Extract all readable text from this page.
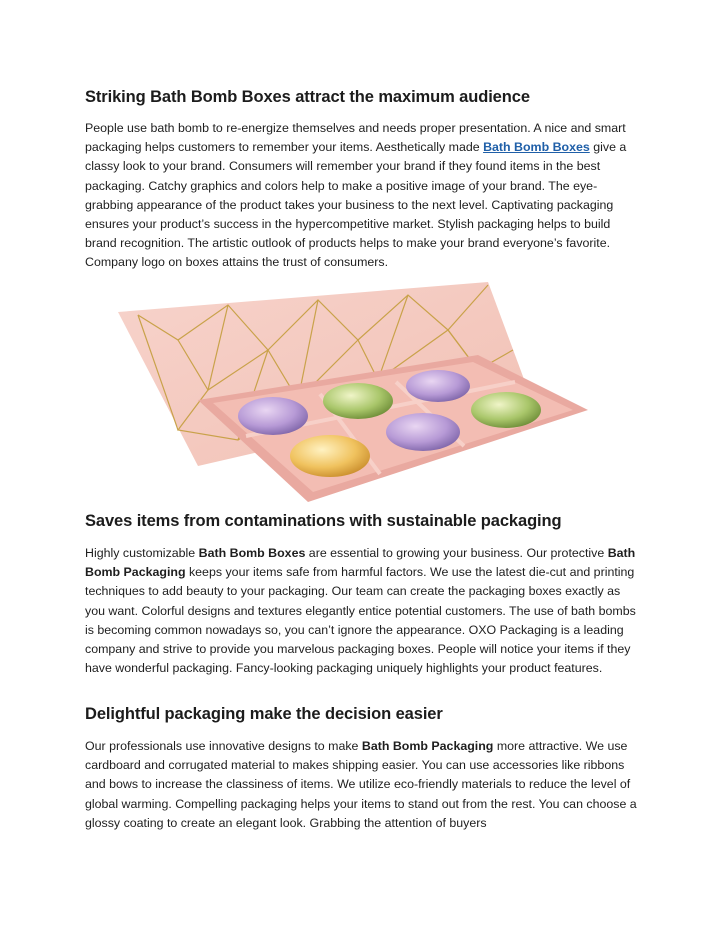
Striking Bath Bomb Boxes attract the maximum audience

People use bath bomb to re-energize themselves and needs proper presentation. A nice and smart packaging helps customers to remember your items. Aesthetically made Bath Bomb Boxes give a classy look to your brand. Consumers will remember your brand if they found items in the best packaging. Catchy graphics and colors help to make a positive image of your brand. The eye-grabbing appearance of the product takes your business to the next level. Captivating packaging ensures your product’s success in the hypercompetitive market. Stylish packaging helps to build brand recognition. The artistic outlook of products helps to make your brand everyone’s favorite. Company logo on boxes attains the trust of consumers.

Saves items from contaminations with sustainable packaging

Highly customizable Bath Bomb Boxes are essential to growing your business. Our protective Bath Bomb Packaging keeps your items safe from harmful factors. We use the latest die-cut and printing techniques to add beauty to your packaging. Our team can create the packaging boxes exactly as you want. Colorful designs and textures elegantly entice potential customers. The use of bath bombs is becoming common nowadays so, you can’t ignore the appearance. OXO Packaging is a leading company and strive to provide you marvelous packaging boxes. People will notice your items if they have wonderful packaging. Fancy-looking packaging uniquely highlights your product features.

Delightful packaging make the decision easier

Our professionals use innovative designs to make Bath Bomb Packaging more attractive. We use cardboard and corrugated material to makes shipping easier. You can use accessories like ribbons and bows to increase the classiness of items. We utilize eco-friendly materials to reduce the level of global warming. Compelling packaging helps your items to stand out from the rest. You can choose a glossy coating to create an elegant look. Grabbing the attention of buyers
